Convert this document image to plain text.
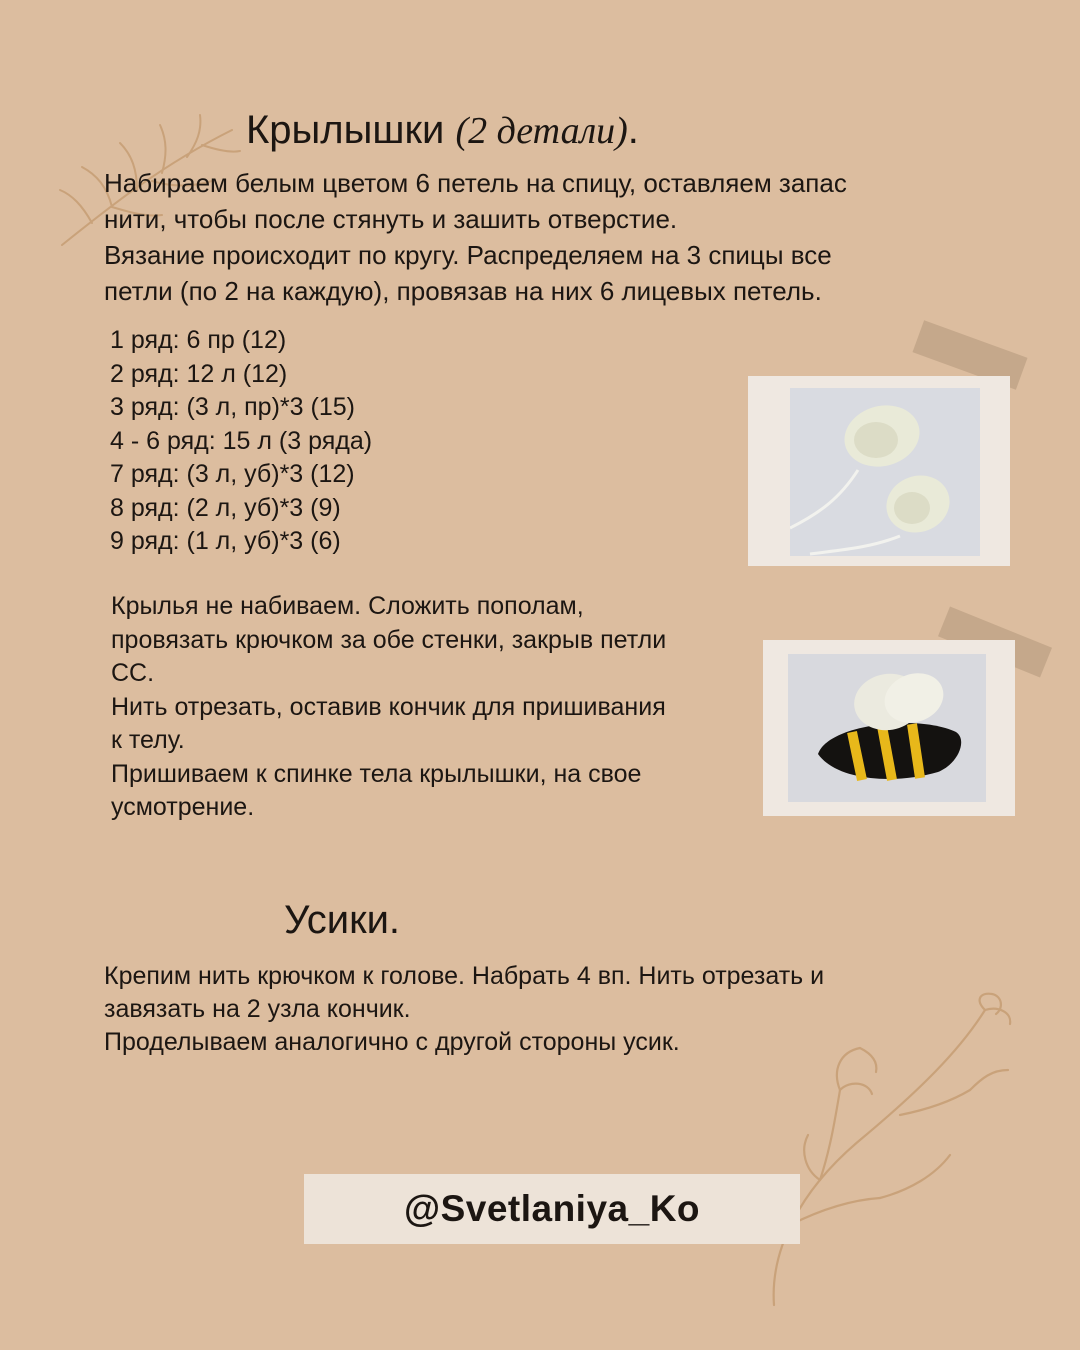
Крылышки (2 детали).
Набираем белым цветом 6 петель на спицу, оставляем запас
нити, чтобы после стянуть и зашить отверстие.
Вязание происходит по кругу. Распределяем на 3 спицы все
петли (по 2 на каждую), провязав на них 6 лицевых петель.
1 ряд: 6 пр (12)
2 ряд: 12 л (12)
3 ряд: (3 л, пр)*3 (15)
4 - 6 ряд: 15 л (3 ряда)
7 ряд: (3 л, уб)*3 (12)
8 ряд: (2 л, уб)*3 (9)
9 ряд: (1 л, уб)*3 (6)
Крылья не набиваем. Сложить пополам,
провязать крючком за обе стенки, закрыв петли
СС.
Нить отрезать, оставив кончик для пришивания
к телу.
Пришиваем к спинке тела крылышки, на свое
усмотрение.
Усики.
Крепим нить крючком к голове. Набрать 4 вп. Нить отрезать и
завязать на 2 узла кончик.
Проделываем аналогично с другой стороны усик.
@Svetlaniya_Ko
